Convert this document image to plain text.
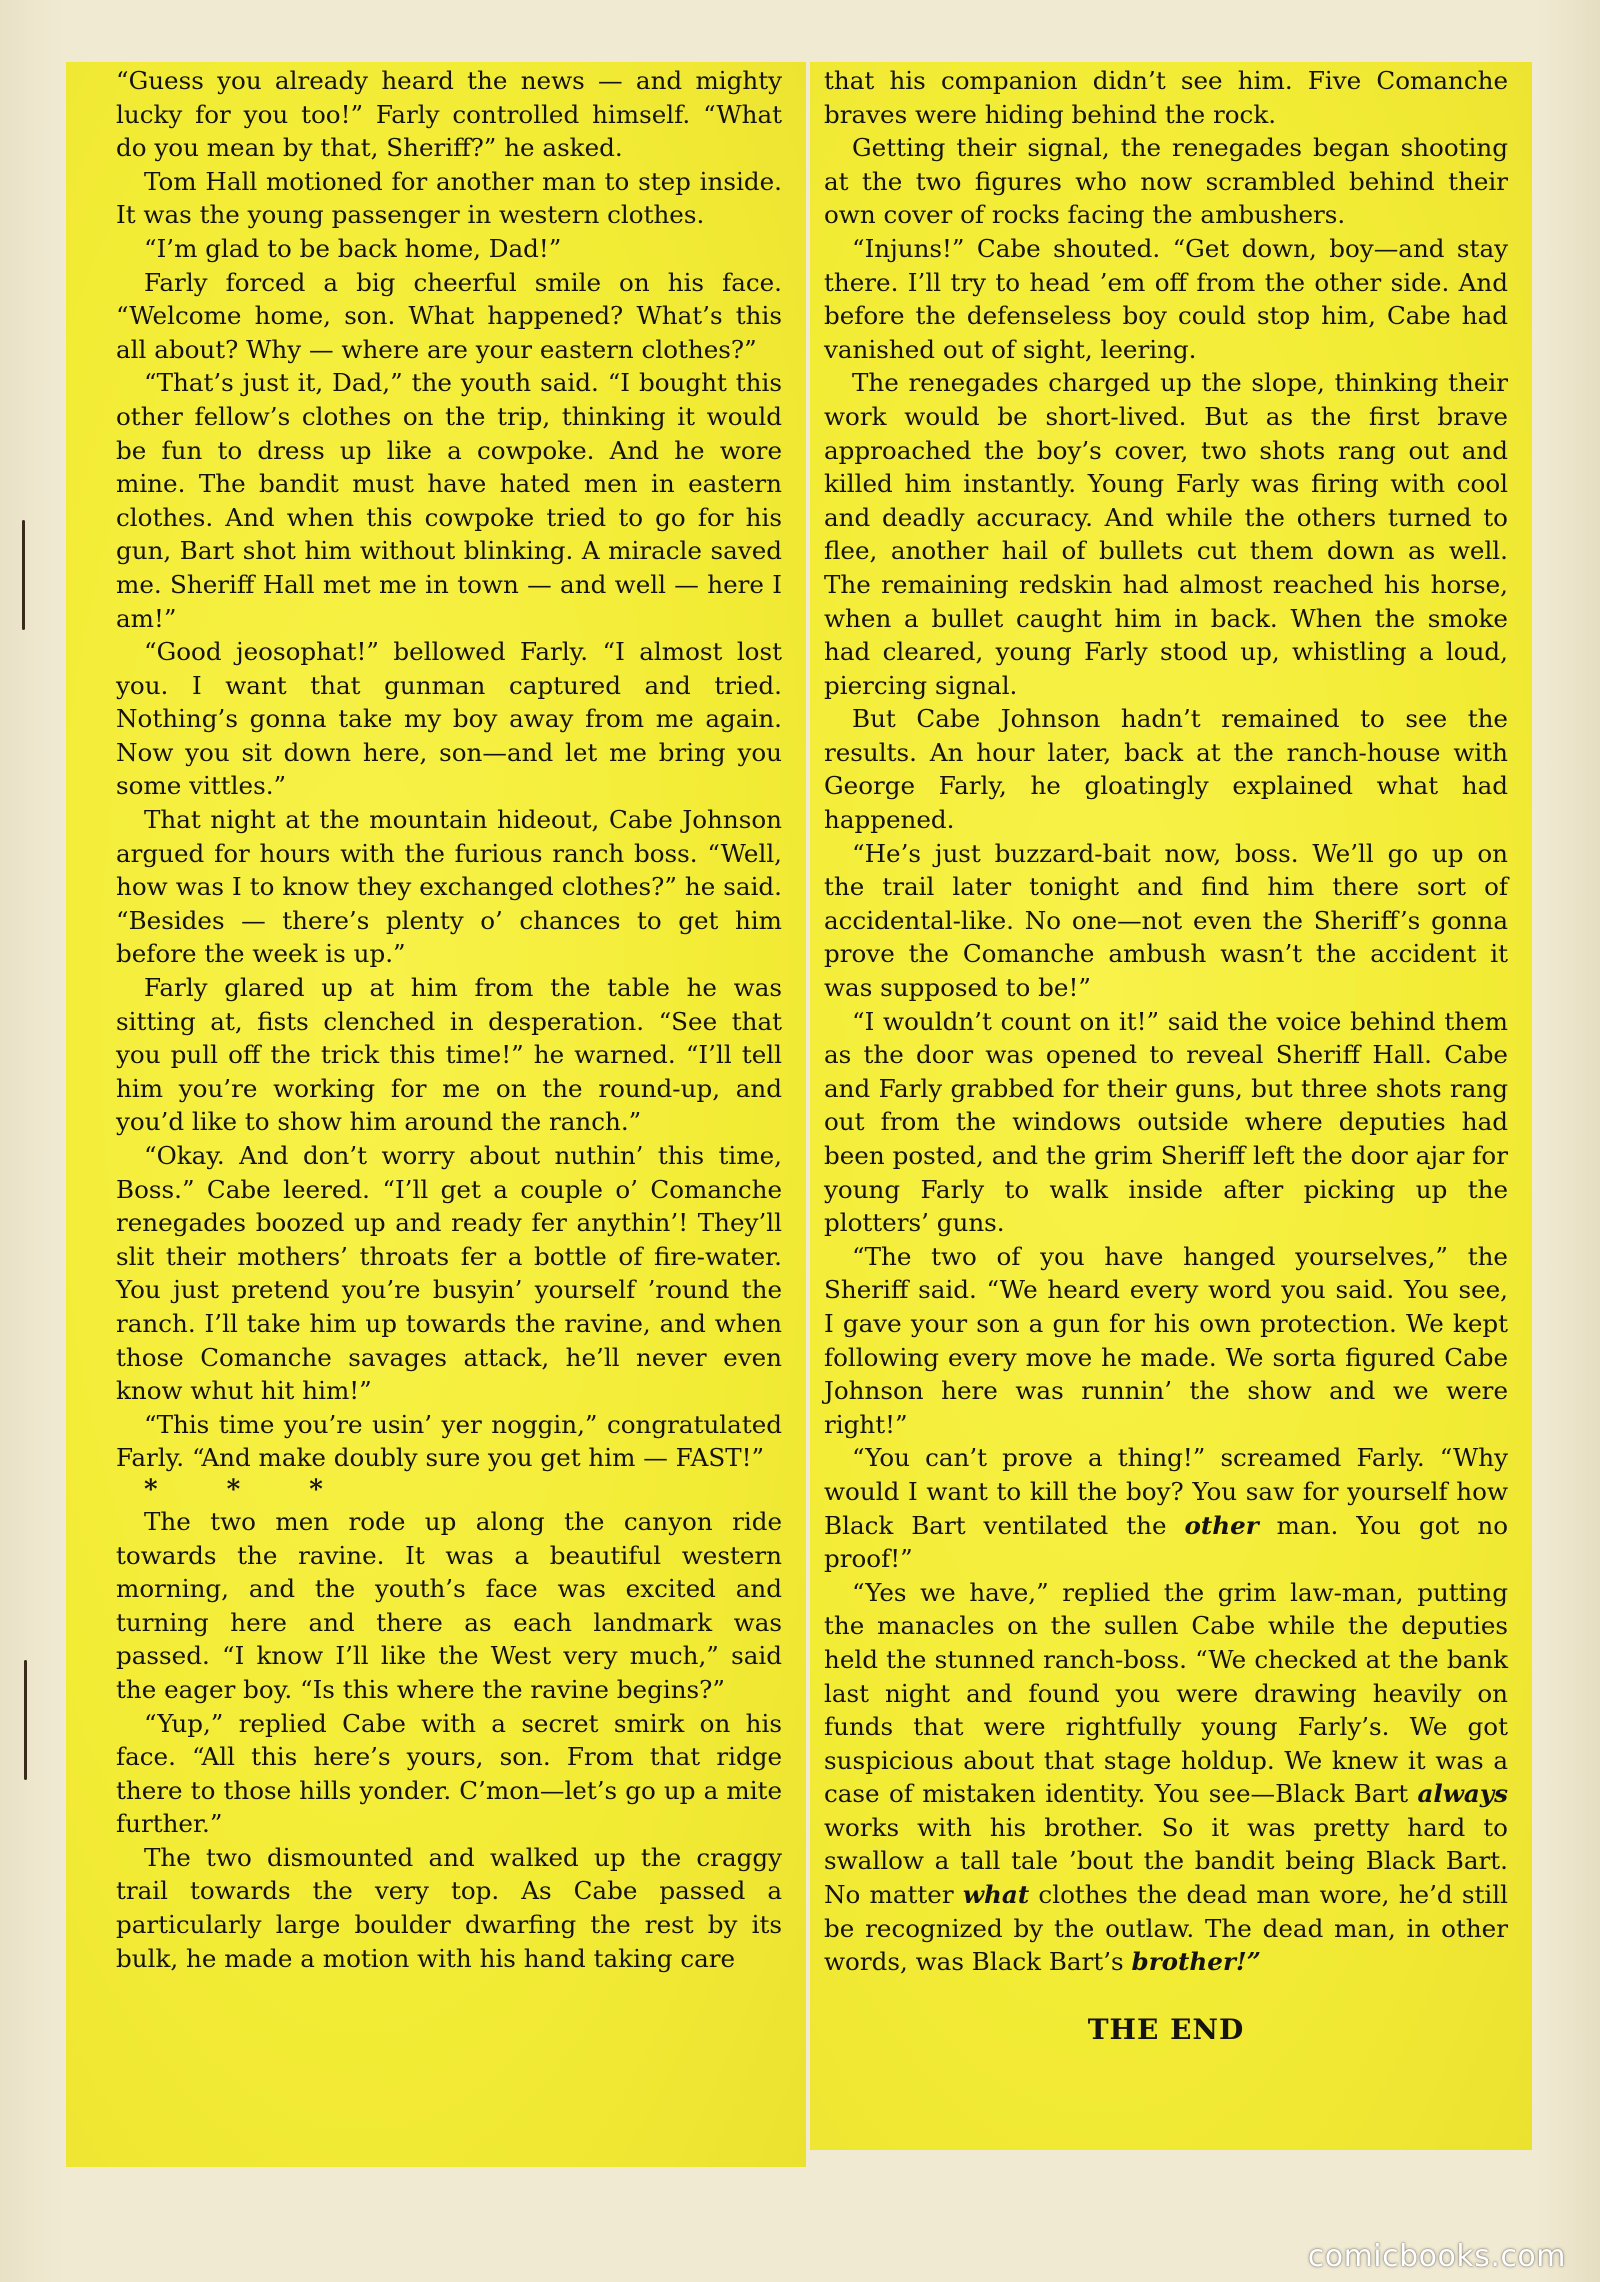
“Guess you already heard the news — and mighty lucky for you too!” Farly controlled himself. “What do you mean by that, Sheriff?” he asked.

Tom Hall motioned for another man to step inside. It was the young passenger in western clothes.

“I’m glad to be back home, Dad!”

Farly forced a big cheerful smile on his face. “Welcome home, son. What happened? What’s this all about? Why — where are your eastern clothes?”

“That’s just it, Dad,” the youth said. “I bought this other fellow’s clothes on the trip, thinking it would be fun to dress up like a cowpoke. And he wore mine. The bandit must have hated men in eastern clothes. And when this cowpoke tried to go for his gun, Bart shot him without blinking. A miracle saved me. Sheriff Hall met me in town — and well — here I am!”

“Good jeosophat!” bellowed Farly. “I almost lost you. I want that gunman captured and tried. Nothing’s gonna take my boy away from me again. Now you sit down here, son—and let me bring you some vittles.”

That night at the mountain hideout, Cabe Johnson argued for hours with the furious ranch boss. “Well, how was I to know they exchanged clothes?” he said. “Besides — there’s plenty o’ chances to get him before the week is up.”

Farly glared up at him from the table he was sitting at, fists clenched in desperation. “See that you pull off the trick this time!” he warned. “I’ll tell him you’re working for me on the round-up, and you’d like to show him around the ranch.”

“Okay. And don’t worry about nuthin’ this time, Boss.” Cabe leered. “I’ll get a couple o’ Comanche renegades boozed up and ready fer anythin’! They’ll slit their mothers’ throats fer a bottle of fire-water. You just pretend you’re busyin’ yourself ’round the ranch. I’ll take him up towards the ravine, and when those Comanche savages attack, he’ll never even know whut hit him!”

“This time you’re usin’ yer noggin,” congratulated Farly. “And make doubly sure you get him — FAST!”

* * *

The two men rode up along the canyon ride towards the ravine. It was a beautiful western morning, and the youth’s face was excited and turning here and there as each landmark was passed. “I know I’ll like the West very much,” said the eager boy. “Is this where the ravine begins?”

“Yup,” replied Cabe with a secret smirk on his face. “All this here’s yours, son. From that ridge there to those hills yonder. C’mon—let’s go up a mite further.”

The two dismounted and walked up the craggy trail towards the very top. As Cabe passed a particularly large boulder dwarfing the rest by its bulk, he made a motion with his hand taking care

that his companion didn’t see him. Five Comanche braves were hiding behind the rock.

Getting their signal, the renegades began shooting at the two figures who now scrambled behind their own cover of rocks facing the ambushers.

“Injuns!” Cabe shouted. “Get down, boy—and stay there. I’ll try to head ’em off from the other side. And before the defenseless boy could stop him, Cabe had vanished out of sight, leering.

The renegades charged up the slope, thinking their work would be short-lived. But as the first brave approached the boy’s cover, two shots rang out and killed him instantly. Young Farly was firing with cool and deadly accuracy. And while the others turned to flee, another hail of bullets cut them down as well. The remaining redskin had almost reached his horse, when a bullet caught him in back. When the smoke had cleared, young Farly stood up, whistling a loud, piercing signal.

But Cabe Johnson hadn’t remained to see the results. An hour later, back at the ranch-house with George Farly, he gloatingly explained what had happened.

“He’s just buzzard-bait now, boss. We’ll go up on the trail later tonight and find him there sort of accidental-like. No one—not even the Sheriff’s gonna prove the Comanche ambush wasn’t the accident it was supposed to be!”

“I wouldn’t count on it!” said the voice behind them as the door was opened to reveal Sheriff Hall. Cabe and Farly grabbed for their guns, but three shots rang out from the windows outside where deputies had been posted, and the grim Sheriff left the door ajar for young Farly to walk inside after picking up the plotters’ guns.

“The two of you have hanged yourselves,” the Sheriff said. “We heard every word you said. You see, I gave your son a gun for his own protection. We kept following every move he made. We sorta figured Cabe Johnson here was runnin’ the show and we were right!”

“You can’t prove a thing!” screamed Farly. “Why would I want to kill the boy? You saw for yourself how Black Bart ventilated the other man. You got no proof!”

“Yes we have,” replied the grim law-man, putting the manacles on the sullen Cabe while the deputies held the stunned ranch-boss. “We checked at the bank last night and found you were drawing heavily on funds that were rightfully young Farly’s. We got suspicious about that stage holdup. We knew it was a case of mistaken identity. You see—Black Bart always works with his brother. So it was pretty hard to swallow a tall tale ’bout the bandit being Black Bart. No matter what clothes the dead man wore, he’d still be recognized by the outlaw. The dead man, in other words, was Black Bart’s brother!”

THE END
comicbooks.com
